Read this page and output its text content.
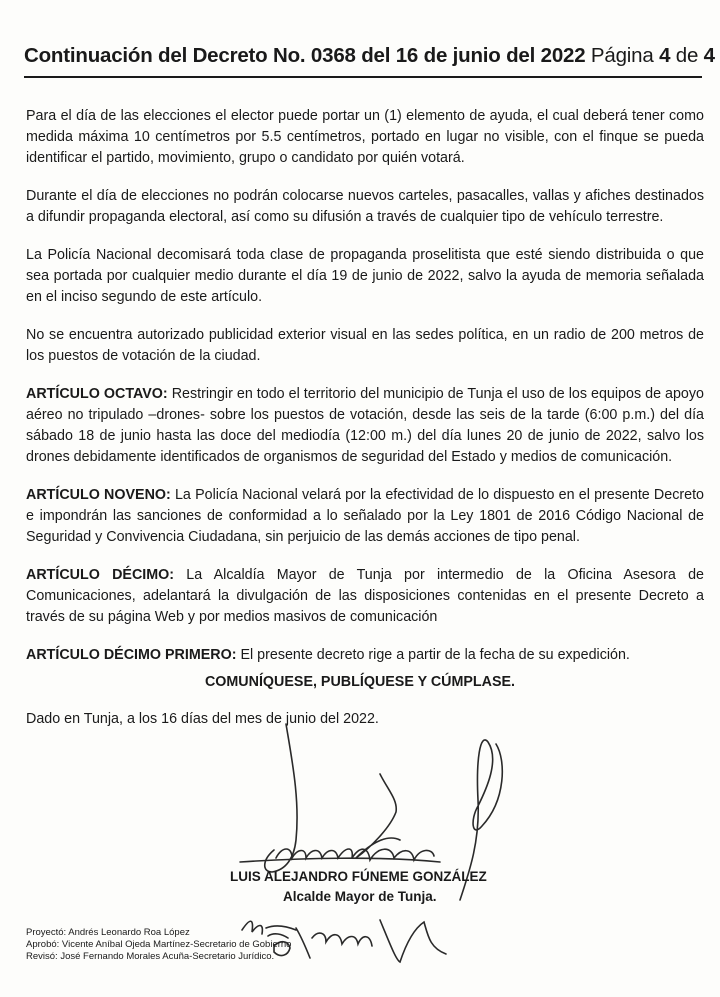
Continuación del Decreto No. 0368 del 16 de junio del 2022 Página 4 de 4

Para el día de las elecciones el elector puede portar un (1) elemento de ayuda, el cual deberá tener como medida máxima 10 centímetros por 5.5 centímetros, portado en lugar no visible, con el finque se pueda identificar el partido, movimiento, grupo o candidato por quién votará.

Durante el día de elecciones no podrán colocarse nuevos carteles, pasacalles, vallas y afiches destinados a difundir propaganda electoral, así como su difusión a través de cualquier tipo de vehículo terrestre.

La Policía Nacional decomisará toda clase de propaganda proselitista que esté siendo distribuida o que sea portada por cualquier medio durante el día 19 de junio de 2022, salvo la ayuda de memoria señalada en el inciso segundo de este artículo.

No se encuentra autorizado publicidad exterior visual en las sedes política, en un radio de 200 metros de los puestos de votación de la ciudad.

ARTÍCULO OCTAVO: Restringir en todo el territorio del municipio de Tunja el uso de los equipos de apoyo aéreo no tripulado –drones- sobre los puestos de votación, desde las seis de la tarde (6:00 p.m.) del día sábado 18 de junio hasta las doce del mediodía (12:00 m.) del día lunes 20 de junio de 2022, salvo los drones debidamente identificados de organismos de seguridad del Estado y medios de comunicación.

ARTÍCULO NOVENO: La Policía Nacional velará por la efectividad de lo dispuesto en el presente Decreto e impondrán las sanciones de conformidad a lo señalado por la Ley 1801 de 2016 Código Nacional de Seguridad y Convivencia Ciudadana, sin perjuicio de las demás acciones de tipo penal.

ARTÍCULO DÉCIMO: La Alcaldía Mayor de Tunja por intermedio de la Oficina Asesora de Comunicaciones, adelantará la divulgación de las disposiciones contenidas en el presente Decreto a través de su página Web y por medios masivos de comunicación

ARTÍCULO DÉCIMO PRIMERO: El presente decreto rige a partir de la fecha de su expedición.

COMUNÍQUESE, PUBLÍQUESE Y CÚMPLASE.
Dado en Tunja, a los 16 días del mes de junio del 2022.
LUIS ALEJANDRO FÚNEME GONZÁLEZ
Alcalde Mayor de Tunja.
Proyectó: Andrés Leonardo Roa López
Aprobó: Vicente Aníbal Ojeda Martínez-Secretario de Gobierno
Revisó: José Fernando Morales Acuña-Secretario Jurídico.
